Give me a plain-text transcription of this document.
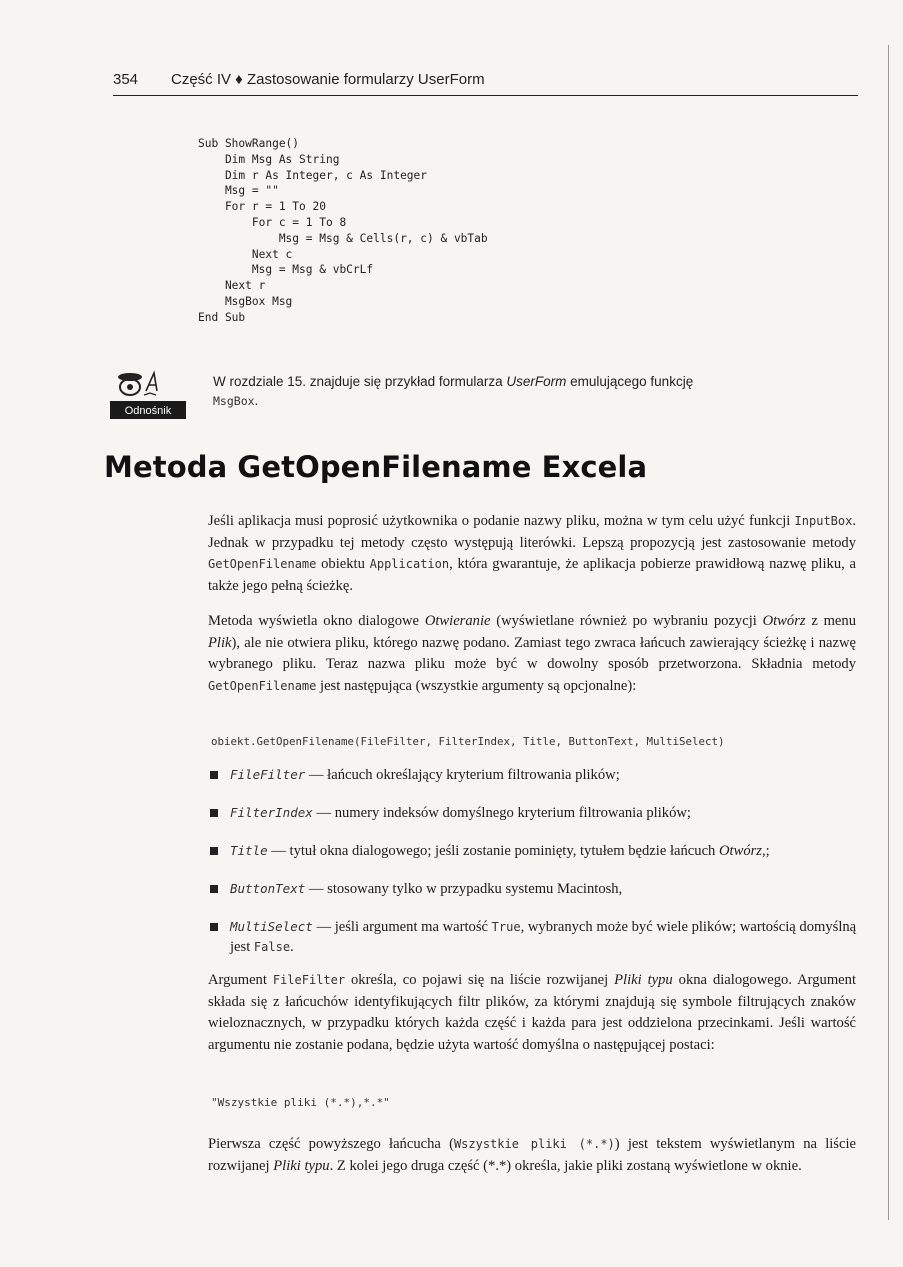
354 Część IV ♦ Zastosowanie formularzy UserForm
Sub ShowRange()
Dim Msg As String
Dim r As Integer, c As Integer
Msg = ""
For r = 1 To 20
For c = 1 To 8
Msg = Msg & Cells(r, c) & vbTab
Next c
Msg = Msg & vbCrLf
Next r
MsgBox Msg
End Sub
Odnośnik
W rozdziale 15. znajduje się przykład formularza UserForm emulującego funkcję
MsgBox.
Metoda GetOpenFilename Excela
Jeśli aplikacja musi poprosić użytkownika o podanie nazwy pliku, można w tym celu użyć funkcji InputBox. Jednak w przypadku tej metody często występują literówki. Lepszą propozycją jest zastosowanie metody GetOpenFilename obiektu Application, która gwarantuje, że aplikacja pobierze prawidłową nazwę pliku, a także jego pełną ścieżkę.
Metoda wyświetla okno dialogowe Otwieranie (wyświetlane również po wybraniu pozycji Otwórz z menu Plik), ale nie otwiera pliku, którego nazwę podano. Zamiast tego zwraca łańcuch zawierający ścieżkę i nazwę wybranego pliku. Teraz nazwa pliku może być w dowolny sposób przetworzona. Składnia metody GetOpenFilename jest następująca (wszystkie argumenty są opcjonalne):
obiekt.GetOpenFilename(FileFilter, FilterIndex, Title, ButtonText, MultiSelect)
FileFilter — łańcuch określający kryterium filtrowania plików;
FilterIndex — numery indeksów domyślnego kryterium filtrowania plików;
Title — tytuł okna dialogowego; jeśli zostanie pominięty, tytułem będzie łańcuch Otwórz,;
ButtonText — stosowany tylko w przypadku systemu Macintosh,
MultiSelect — jeśli argument ma wartość True, wybranych może być wiele plików; wartością domyślną jest False.
Argument FileFilter określa, co pojawi się na liście rozwijanej Pliki typu okna dialogowego. Argument składa się z łańcuchów identyfikujących filtr plików, za którymi znajdują się symbole filtrujących znaków wieloznacznych, w przypadku których każda część i każda para jest oddzielona przecinkami. Jeśli wartość argumentu nie zostanie podana, będzie użyta wartość domyślna o następującej postaci:
"Wszystkie pliki (*.*),*.*"
Pierwsza część powyższego łańcucha (Wszystkie pliki (*.*)) jest tekstem wyświetlanym na liście rozwijanej Pliki typu. Z kolei jego druga część (*.*) określa, jakie pliki zostaną wyświetlone w oknie.
